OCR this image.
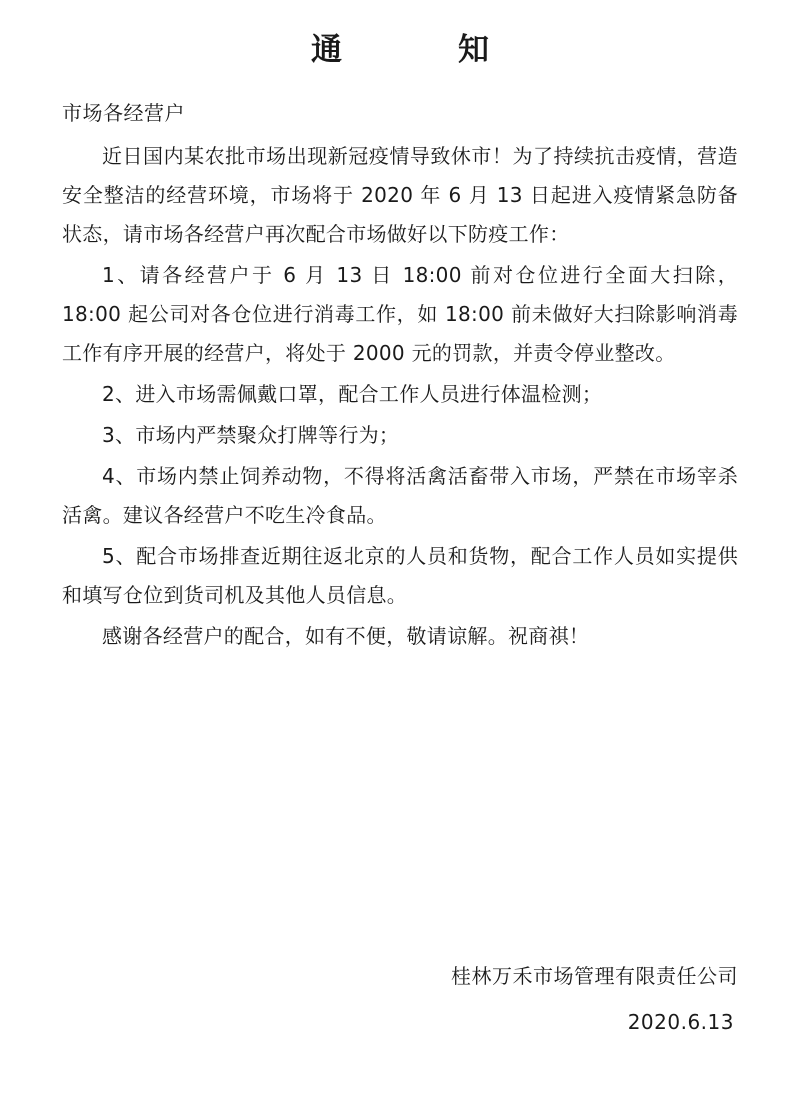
通　　知
市场各经营户

近日国内某农批市场出现新冠疫情导致休市！为了持续抗击疫情，营造安全整洁的经营环境，市场将于 2020 年 6 月 13 日起进入疫情紧急防备状态，请市场各经营户再次配合市场做好以下防疫工作：

1、请各经营户于 6 月 13 日 18:00 前对仓位进行全面大扫除，18:00 起公司对各仓位进行消毒工作，如 18:00 前未做好大扫除影响消毒工作有序开展的经营户，将处于 2000 元的罚款，并责令停业整改。

2、进入市场需佩戴口罩，配合工作人员进行体温检测；

3、市场内严禁聚众打牌等行为；

4、市场内禁止饲养动物，不得将活禽活畜带入市场，严禁在市场宰杀活禽。建议各经营户不吃生冷食品。

5、配合市场排查近期往返北京的人员和货物，配合工作人员如实提供和填写仓位到货司机及其他人员信息。

感谢各经营户的配合，如有不便，敬请谅解。祝商祺！

桂林万禾市场管理有限责任公司
2020.6.13
